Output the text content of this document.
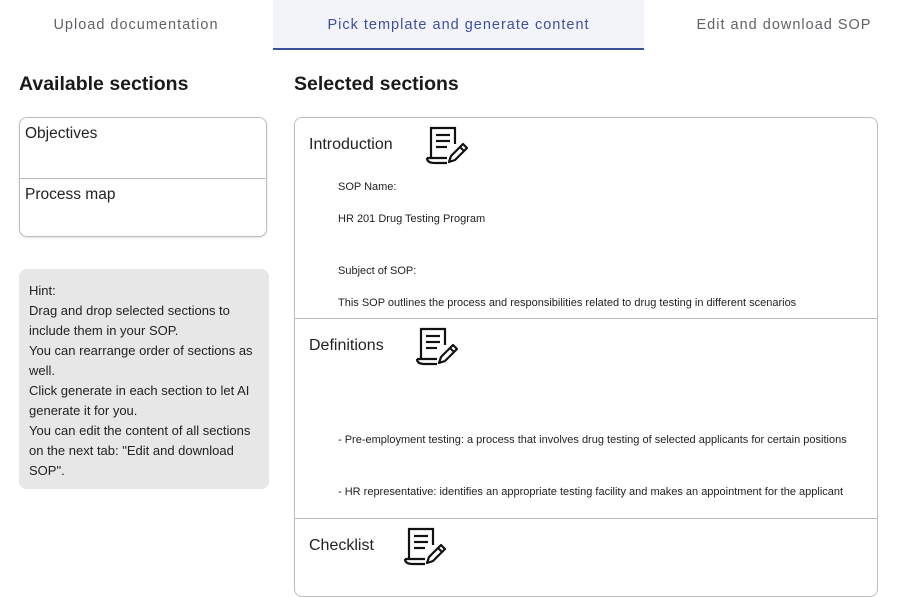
Upload documentation	Pick template and generate content	Edit and download SOP
Available sections
Objectives
Process map
Hint:
Drag and drop selected sections to include them in your SOP.
You can rearrange order of sections as well.
Click generate in each section to let AI generate it for you.
You can edit the content of all sections on the next tab: "Edit and download SOP".
Selected sections
Introduction
SOP Name:
HR 201 Drug Testing Program
Subject of SOP:
This SOP outlines the process and responsibilities related to drug testing in different scenarios
Definitions
- Pre-employment testing: a process that involves drug testing of selected applicants for certain positions
- HR representative: identifies an appropriate testing facility and makes an appointment for the applicant
Checklist
